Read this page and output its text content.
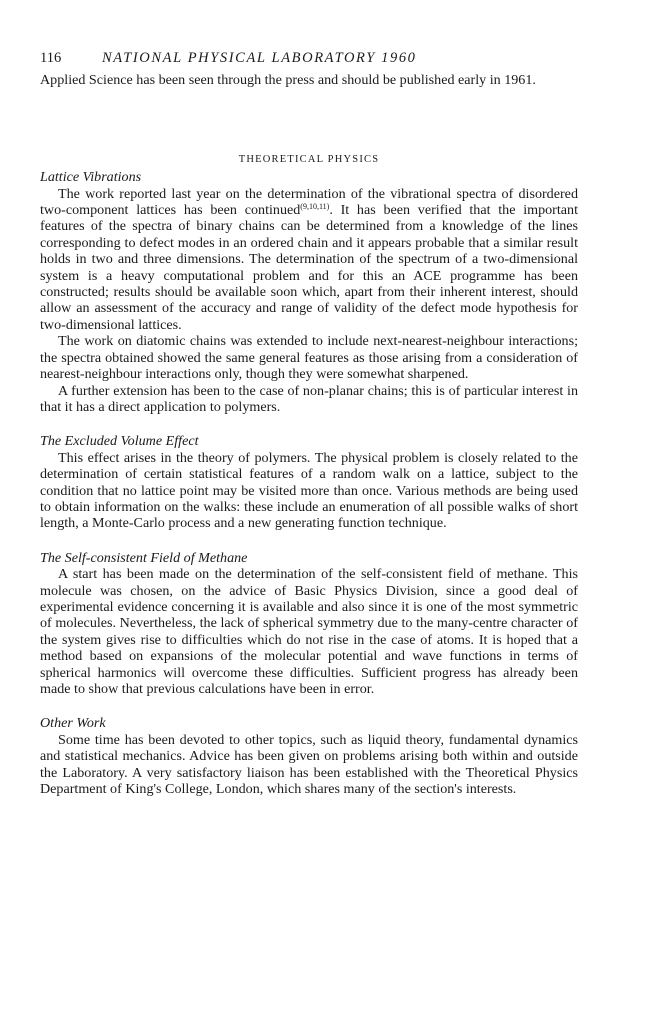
116	NATIONAL PHYSICAL LABORATORY 1960

Applied Science has been seen through the press and should be published early in 1961.

THEORETICAL PHYSICS
Lattice Vibrations

The work reported last year on the determination of the vibrational spectra of disordered two-component lattices has been continued$^{(9,10,11)}$. It has been verified that the important features of the spectra of binary chains can be determined from a knowledge of the lines corresponding to defect modes in an ordered chain and it appears probable that a similar result holds in two and three dimensions. The determination of the spectrum of a two-dimensional system is a heavy computational problem and for this an ACE programme has been constructed; results should be available soon which, apart from their inherent interest, should allow an assessment of the accuracy and range of validity of the defect mode hypothesis for two-dimensional lattices.

The work on diatomic chains was extended to include next-nearest-neighbour interactions; the spectra obtained showed the same general features as those arising from a consideration of nearest-neighbour interactions only, though they were somewhat sharpened.

A further extension has been to the case of non-planar chains; this is of particular interest in that it has a direct application to polymers.

The Excluded Volume Effect

This effect arises in the theory of polymers. The physical problem is closely related to the determination of certain statistical features of a random walk on a lattice, subject to the condition that no lattice point may be visited more than once. Various methods are being used to obtain information on the walks: these include an enumeration of all possible walks of short length, a Monte-Carlo process and a new generating function technique.

The Self-consistent Field of Methane

A start has been made on the determination of the self-consistent field of methane. This molecule was chosen, on the advice of Basic Physics Division, since a good deal of experimental evidence concerning it is available and also since it is one of the most symmetric of molecules. Nevertheless, the lack of spherical symmetry due to the many-centre character of the system gives rise to difficulties which do not rise in the case of atoms. It is hoped that a method based on expansions of the molecular potential and wave functions in terms of spherical harmonics will overcome these difficulties. Sufficient progress has already been made to show that previous calculations have been in error.

Other Work

Some time has been devoted to other topics, such as liquid theory, fundamental dynamics and statistical mechanics. Advice has been given on problems arising both within and outside the Laboratory. A very satisfactory liaison has been established with the Theoretical Physics Department of King's College, London, which shares many of the section's interests.
